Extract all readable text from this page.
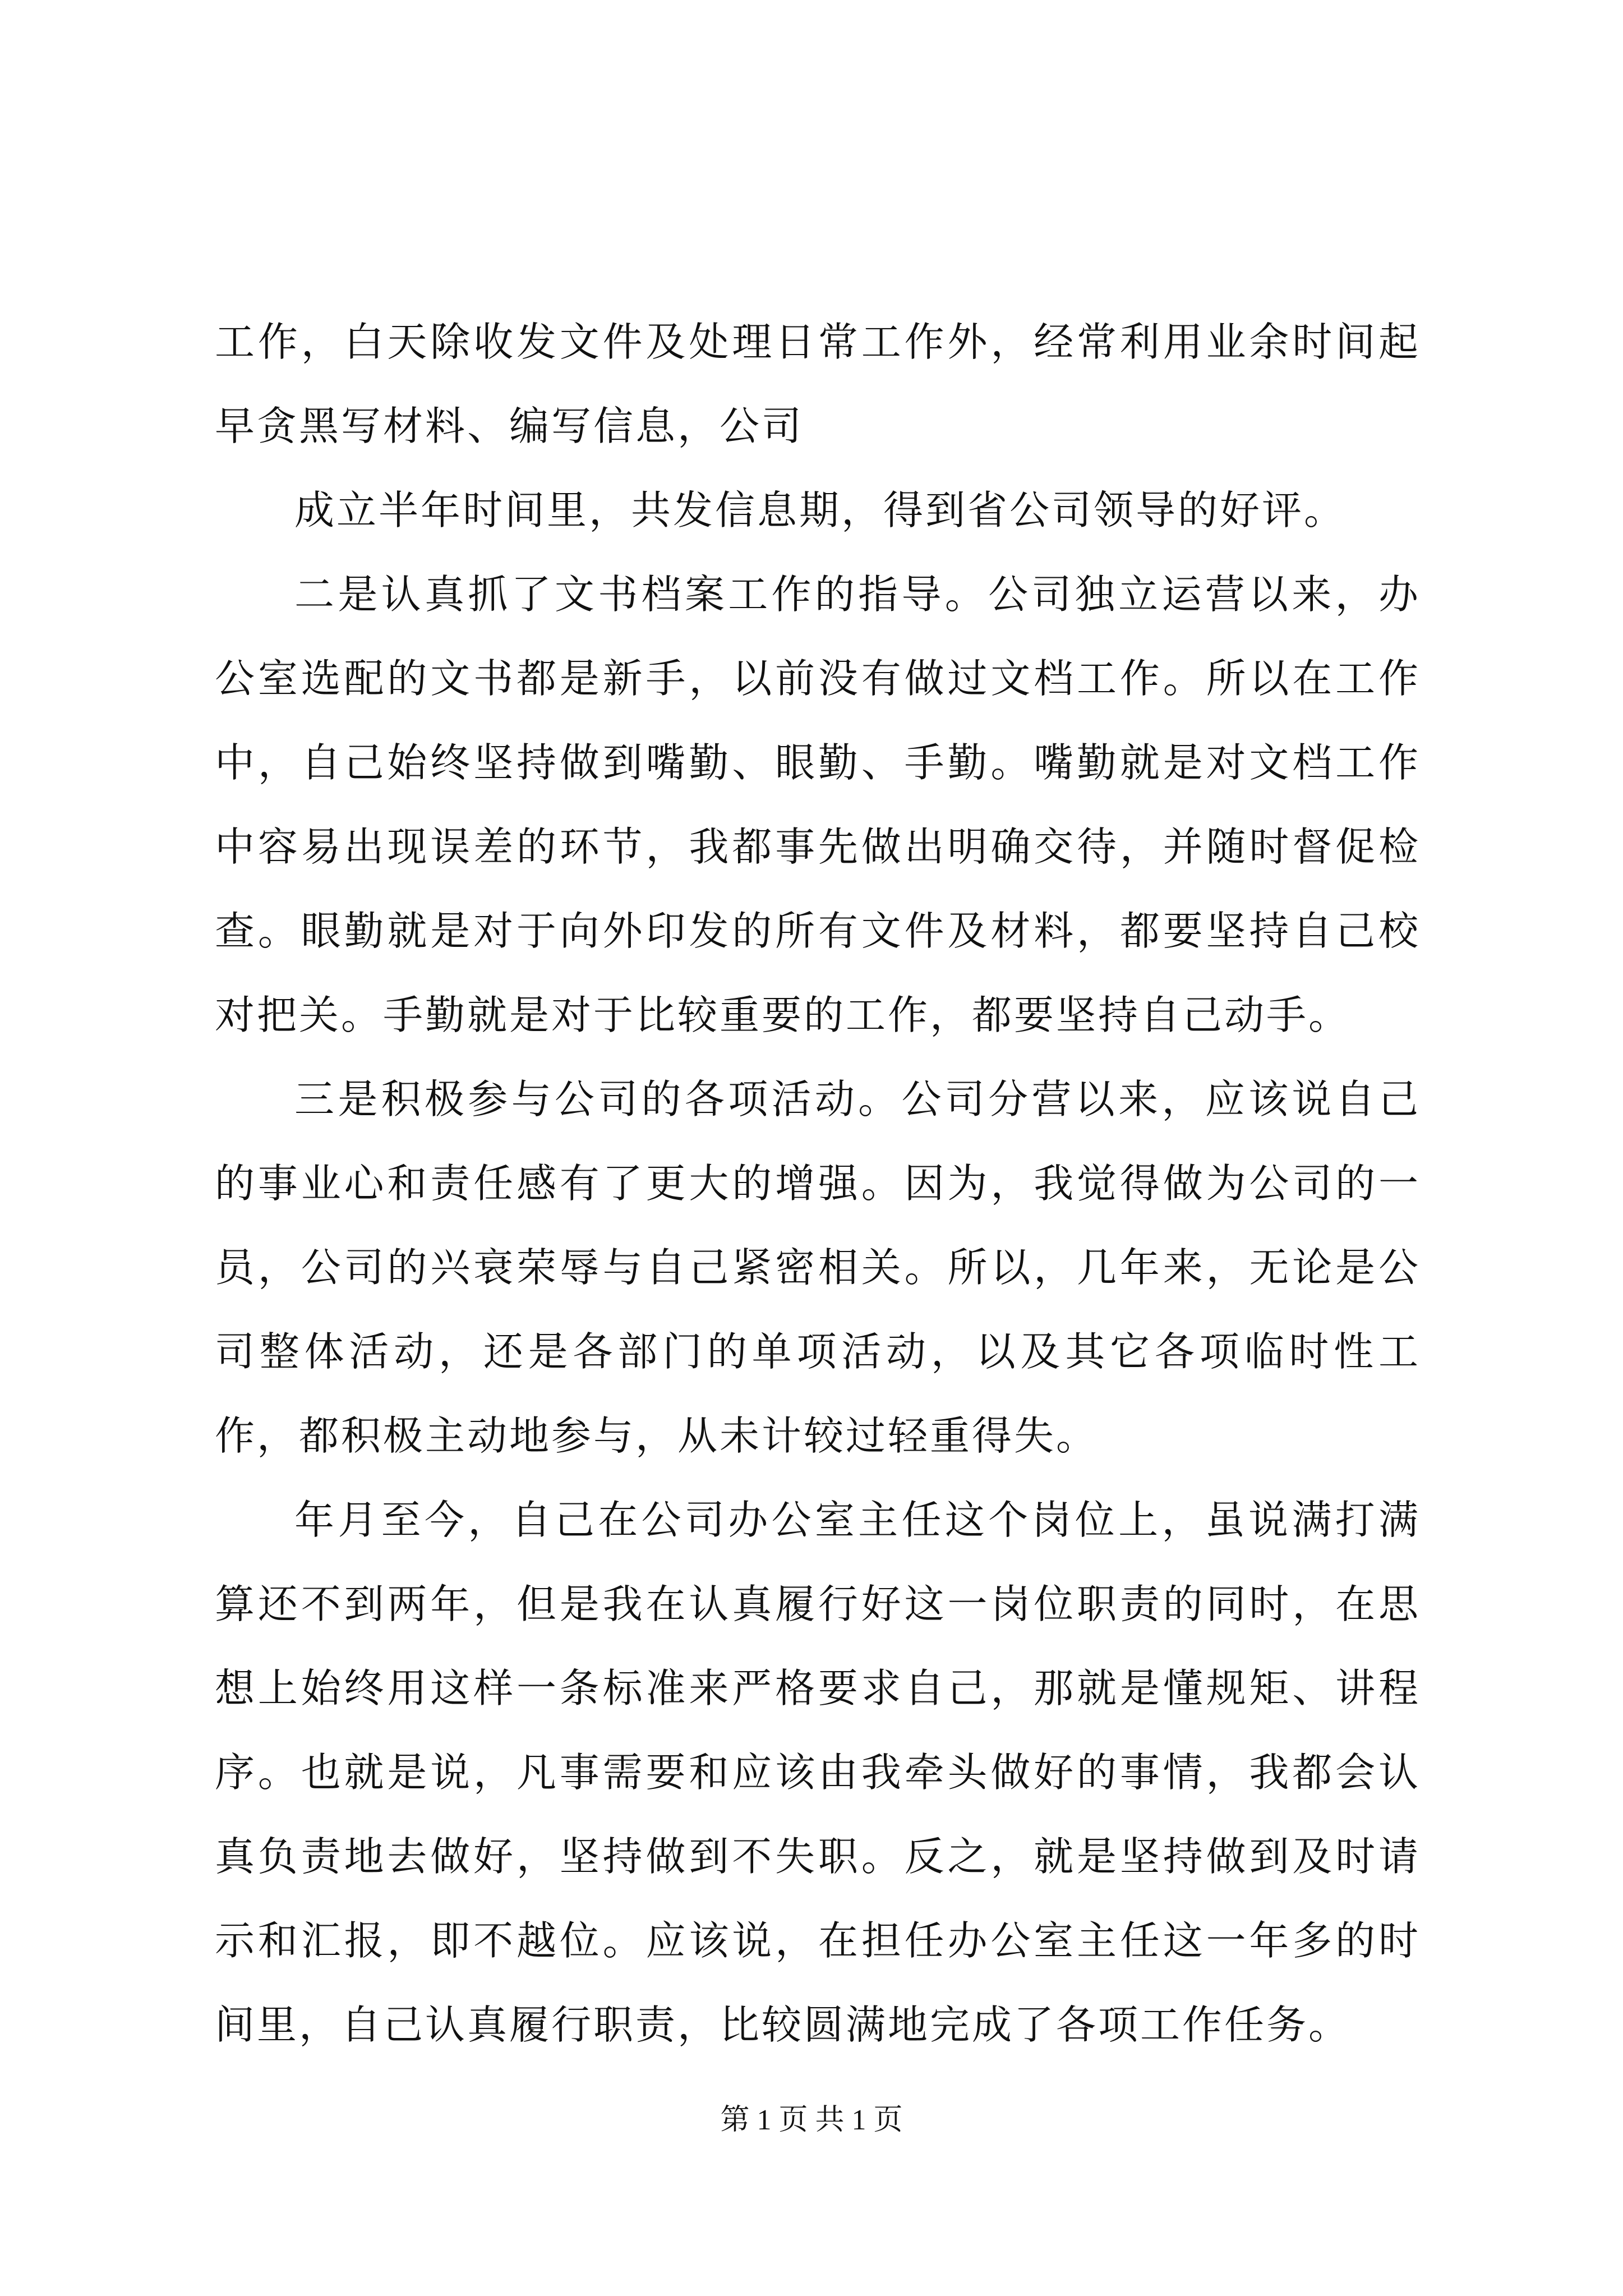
工作，白天除收发文件及处理日常工作外，经常利用业余时间起早贪黑写材料、编写信息，公司

成立半年时间里，共发信息期，得到省公司领导的好评。

二是认真抓了文书档案工作的指导。公司独立运营以来，办公室选配的文书都是新手，以前没有做过文档工作。所以在工作中，自己始终坚持做到嘴勤、眼勤、手勤。嘴勤就是对文档工作中容易出现误差的环节，我都事先做出明确交待，并随时督促检查。眼勤就是对于向外印发的所有文件及材料，都要坚持自己校对把关。手勤就是对于比较重要的工作，都要坚持自己动手。

三是积极参与公司的各项活动。公司分营以来，应该说自己的事业心和责任感有了更大的增强。因为，我觉得做为公司的一员，公司的兴衰荣辱与自己紧密相关。所以，几年来，无论是公司整体活动，还是各部门的单项活动，以及其它各项临时性工作，都积极主动地参与，从未计较过轻重得失。

年月至今，自己在公司办公室主任这个岗位上，虽说满打满算还不到两年，但是我在认真履行好这一岗位职责的同时，在思想上始终用这样一条标准来严格要求自己，那就是懂规矩、讲程序。也就是说，凡事需要和应该由我牵头做好的事情，我都会认真负责地去做好，坚持做到不失职。反之，就是坚持做到及时请示和汇报，即不越位。应该说，在担任办公室主任这一年多的时间里，自己认真履行职责，比较圆满地完成了各项工作任务。

第 1 页 共 1 页
